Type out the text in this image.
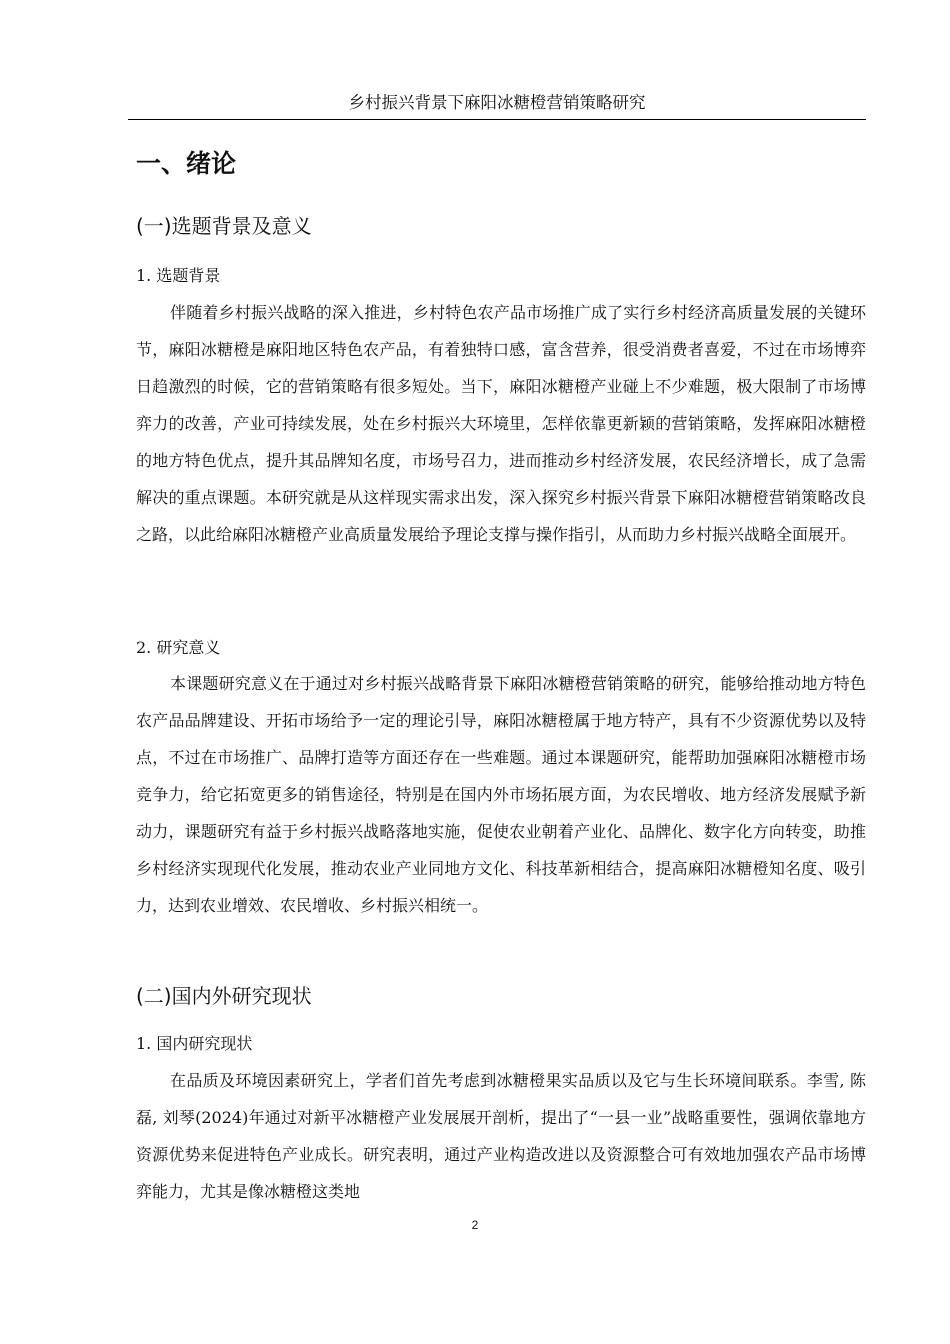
乡村振兴背景下麻阳冰糖橙营销策略研究
一、绪论
(一)选题背景及意义
1. 选题背景

伴随着乡村振兴战略的深入推进，乡村特色农产品市场推广成了实行乡村经济高质量发展的关键环节，麻阳冰糖橙是麻阳地区特色农产品，有着独特口感，富含营养，很受消费者喜爱，不过在市场博弈日趋激烈的时候，它的营销策略有很多短处。当下，麻阳冰糖橙产业碰上不少难题，极大限制了市场博弈力的改善，产业可持续发展，处在乡村振兴大环境里，怎样依靠更新颖的营销策略，发挥麻阳冰糖橙的地方特色优点，提升其品牌知名度，市场号召力，进而推动乡村经济发展，农民经济增长，成了急需解决的重点课题。本研究就是从这样现实需求出发，深入探究乡村振兴背景下麻阳冰糖橙营销策略改良之路，以此给麻阳冰糖橙产业高质量发展给予理论支撑与操作指引，从而助力乡村振兴战略全面展开。

2. 研究意义

本课题研究意义在于通过对乡村振兴战略背景下麻阳冰糖橙营销策略的研究，能够给推动地方特色农产品品牌建设、开拓市场给予一定的理论引导，麻阳冰糖橙属于地方特产，具有不少资源优势以及特点，不过在市场推广、品牌打造等方面还存在一些难题。通过本课题研究，能帮助加强麻阳冰糖橙市场竞争力，给它拓宽更多的销售途径，特别是在国内外市场拓展方面，为农民增收、地方经济发展赋予新动力，课题研究有益于乡村振兴战略落地实施，促使农业朝着产业化、品牌化、数字化方向转变，助推乡村经济实现现代化发展，推动农业产业同地方文化、科技革新相结合，提高麻阳冰糖橙知名度、吸引力，达到农业增效、农民增收、乡村振兴相统一。

(二)国内外研究现状
1. 国内研究现状

在品质及环境因素研究上，学者们首先考虑到冰糖橙果实品质以及它与生长环境间联系。李雪, 陈磊, 刘琴(2024)年通过对新平冰糖橙产业发展展开剖析，提出了“一县一业”战略重要性，强调依靠地方资源优势来促进特色产业成长。研究表明，通过产业构造改进以及资源整合可有效地加强农产品市场博弈能力，尤其是像冰糖橙这类地

2
